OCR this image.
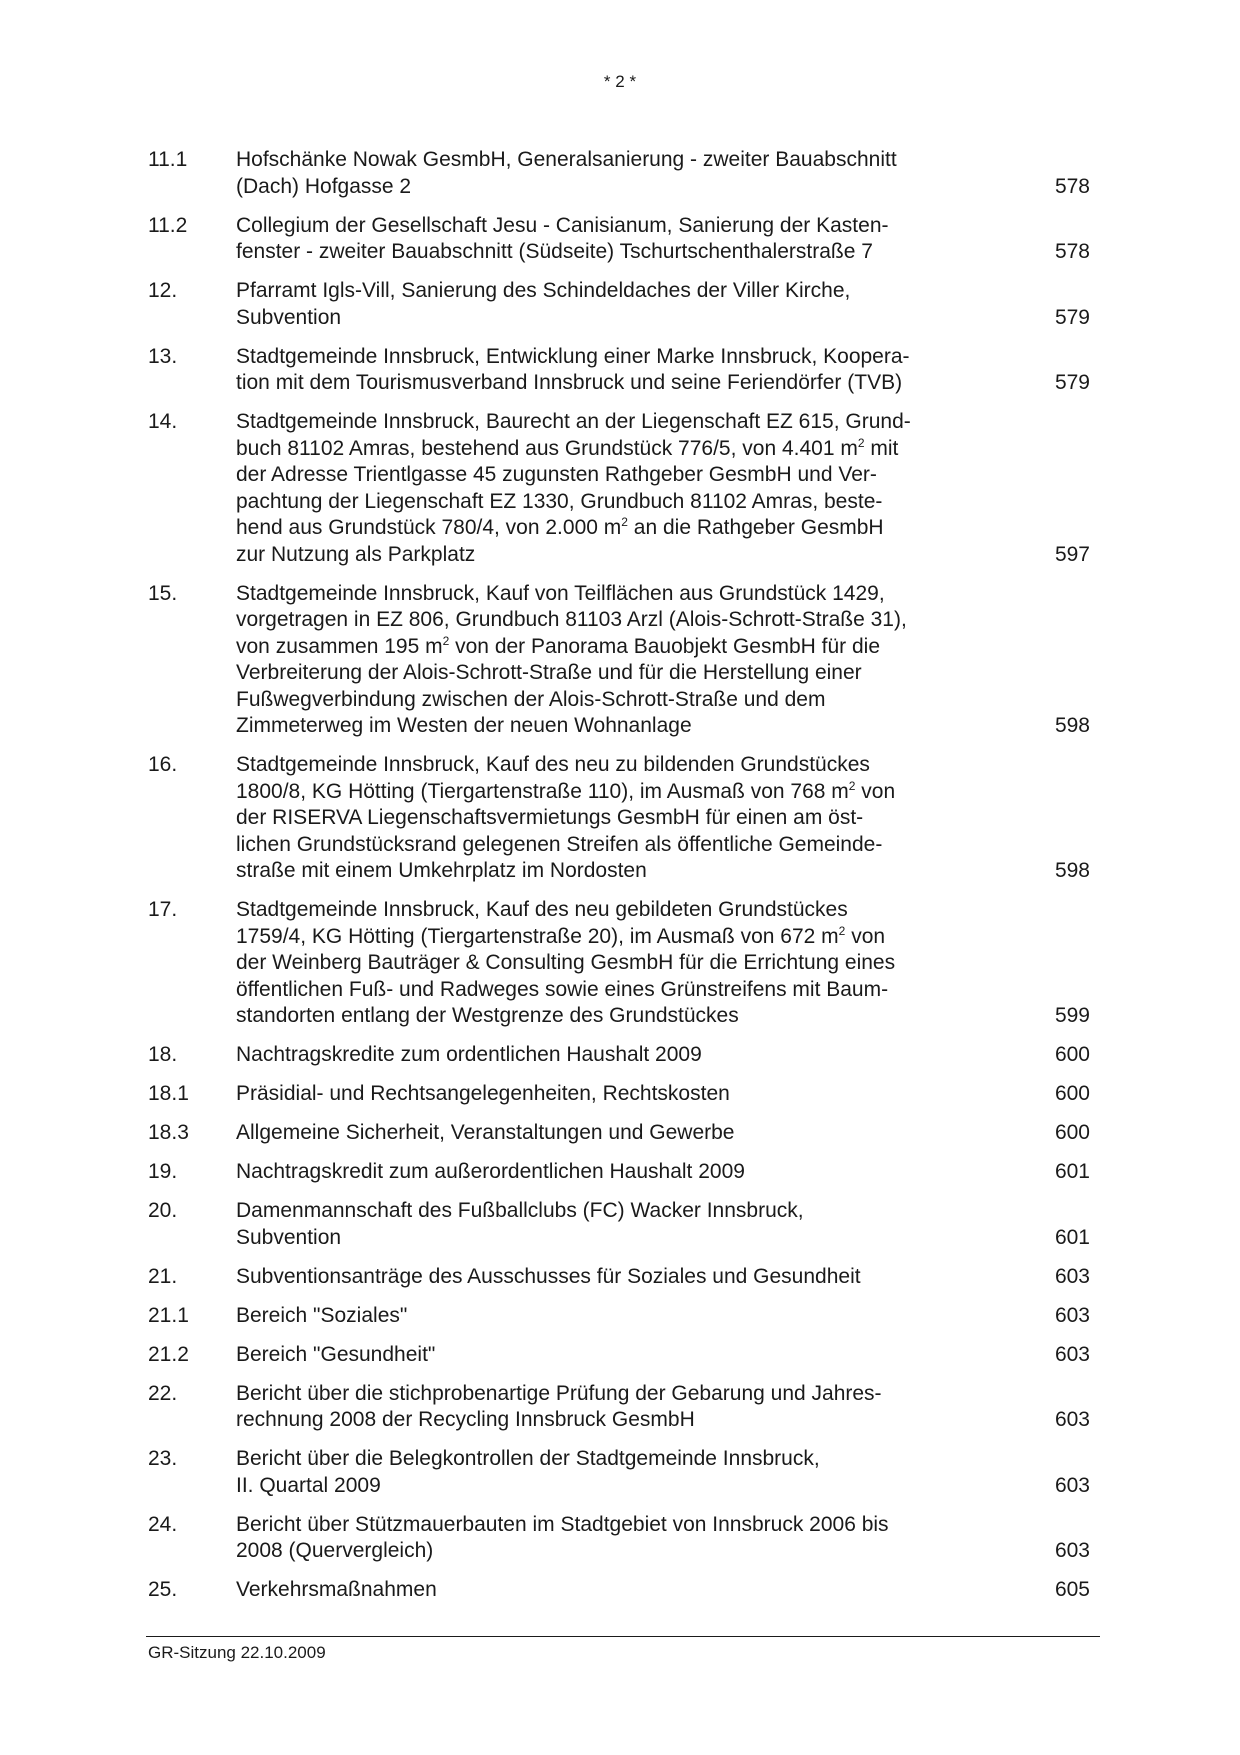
* 2 *
11.1	Hofschänke Nowak GesmbH, Generalsanierung - zweiter Bauabschnitt
(Dach) Hofgasse 2	578
11.2	Collegium der Gesellschaft Jesu - Canisianum, Sanierung der Kasten-
fenster - zweiter Bauabschnitt (Südseite) Tschurtschenthalerstraße 7	578
12.	Pfarramt Igls-Vill, Sanierung des Schindeldaches der Viller Kirche,
Subvention	579
13.	Stadtgemeinde Innsbruck, Entwicklung einer Marke Innsbruck, Koopera-
tion mit dem Tourismusverband Innsbruck und seine Feriendörfer (TVB)	579
14.	Stadtgemeinde Innsbruck, Baurecht an der Liegenschaft EZ 615, Grund-
buch 81102 Amras, bestehend aus Grundstück 776/5, von 4.401 $m^2$ mit
der Adresse Trientlgasse 45 zugunsten Rathgeber GesmbH und Ver-
pachtung der Liegenschaft EZ 1330, Grundbuch 81102 Amras, beste-
hend aus Grundstück 780/4, von 2.000 $m^2$ an die Rathgeber GesmbH
zur Nutzung als Parkplatz	597
15.	Stadtgemeinde Innsbruck, Kauf von Teilflächen aus Grundstück 1429,
vorgetragen in EZ 806, Grundbuch 81103 Arzl (Alois-Schrott-Straße 31),
von zusammen 195 $m^2$ von der Panorama Bauobjekt GesmbH für die
Verbreiterung der Alois-Schrott-Straße und für die Herstellung einer
Fußwegverbindung zwischen der Alois-Schrott-Straße und dem
Zimmeterweg im Westen der neuen Wohnanlage	598
16.	Stadtgemeinde Innsbruck, Kauf des neu zu bildenden Grundstückes
1800/8, KG Hötting (Tiergartenstraße 110), im Ausmaß von 768 $m^2$ von
der RISERVA Liegenschaftsvermietungs GesmbH für einen am öst-
lichen Grundstücksrand gelegenen Streifen als öffentliche Gemeinde-
straße mit einem Umkehrplatz im Nordosten	598
17.	Stadtgemeinde Innsbruck, Kauf des neu gebildeten Grundstückes
1759/4, KG Hötting (Tiergartenstraße 20), im Ausmaß von 672 $m^2$ von
der Weinberg Bauträger & Consulting GesmbH für die Errichtung eines
öffentlichen Fuß- und Radweges sowie eines Grünstreifens mit Baum-
standorten entlang der Westgrenze des Grundstückes	599
18.	Nachtragskredite zum ordentlichen Haushalt 2009	600
18.1	Präsidial- und Rechtsangelegenheiten, Rechtskosten	600
18.3	Allgemeine Sicherheit, Veranstaltungen und Gewerbe	600
19.	Nachtragskredit zum außerordentlichen Haushalt 2009	601
20.	Damenmannschaft des Fußballclubs (FC) Wacker Innsbruck,
Subvention	601
21.	Subventionsanträge des Ausschusses für Soziales und Gesundheit	603
21.1	Bereich "Soziales"	603
21.2	Bereich "Gesundheit"	603
22.	Bericht über die stichprobenartige Prüfung der Gebarung und Jahres-
rechnung 2008 der Recycling Innsbruck GesmbH	603
23.	Bericht über die Belegkontrollen der Stadtgemeinde Innsbruck,
II. Quartal 2009	603
24.	Bericht über Stützmauerbauten im Stadtgebiet von Innsbruck 2006 bis
2008 (Quervergleich)	603
25.	Verkehrsmaßnahmen	605
GR-Sitzung 22.10.2009
